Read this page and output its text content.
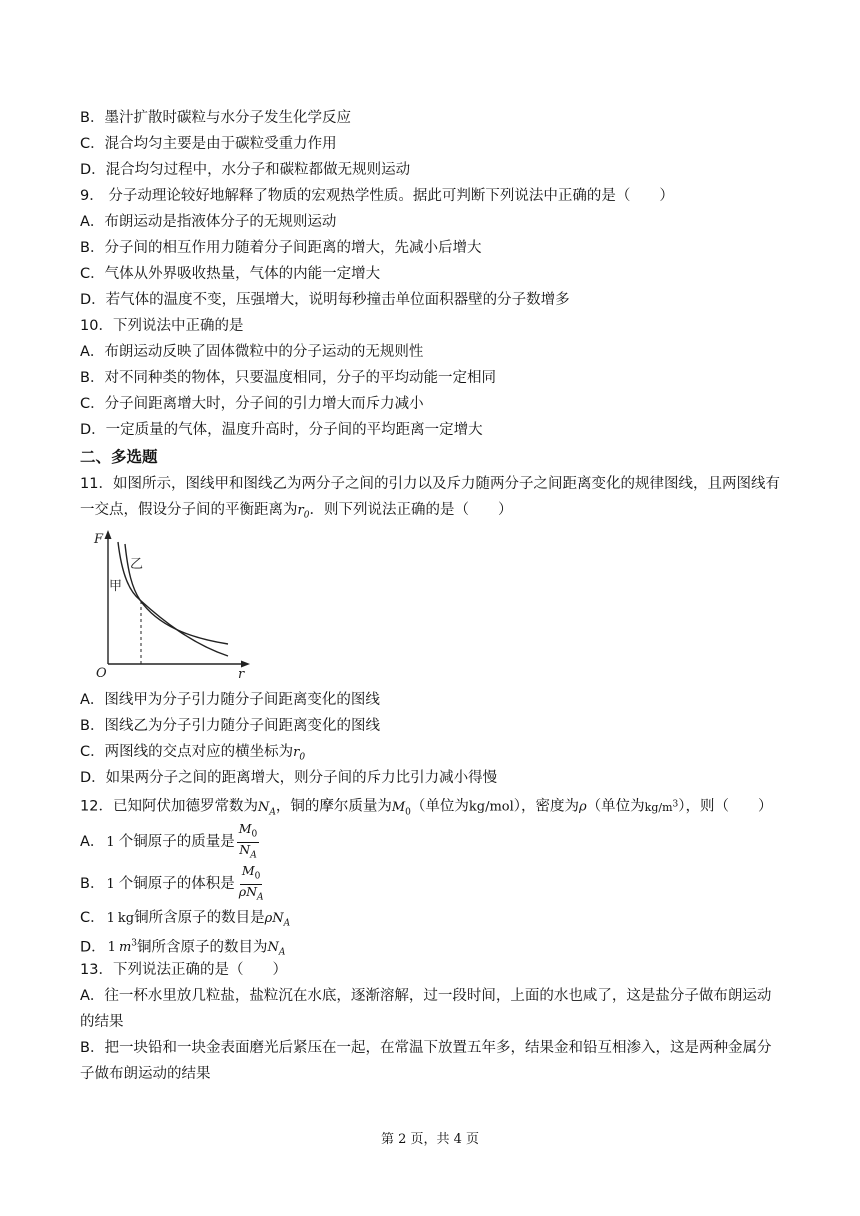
B．墨汁扩散时碳粒与水分子发生化学反应
C．混合均匀主要是由于碳粒受重力作用
D．混合均匀过程中，水分子和碳粒都做无规则运动
9． 分子动理论较好地解释了物质的宏观热学性质。据此可判断下列说法中正确的是（　　）
A．布朗运动是指液体分子的无规则运动
B．分子间的相互作用力随着分子间距离的增大，先减小后增大
C．气体从外界吸收热量，气体的内能一定增大
D．若气体的温度不变，压强增大，说明每秒撞击单位面积器壁的分子数增多
10．下列说法中正确的是
A．布朗运动反映了固体微粒中的分子运动的无规则性
B．对不同种类的物体，只要温度相同，分子的平均动能一定相同
C．分子间距离增大时，分子间的引力增大而斥力减小
D．一定质量的气体，温度升高时，分子间的平均距离一定增大
二、多选题
11．如图所示，图线甲和图线乙为两分子之间的引力以及斥力随两分子之间距离变化的规律图线，且两图线有
一交点，假设分子间的平衡距离为$r_0$．则下列说法正确的是（　　）
F
r
O
甲
乙
A．图线甲为分子引力随分子间距离变化的图线
B．图线乙为分子引力随分子间距离变化的图线
C．两图线的交点对应的横坐标为$r_0$
D．如果两分子之间的距离增大，则分子间的斥力比引力减小得慢
12．已知阿伏加德罗常数为$N_A$，铜的摩尔质量为$M_0$（单位为kg/mol），密度为ρ（单位为$kg/m^3$），则（　　）
A． 1 个铜原子的质量是 $\frac{M_0}{N_A}$
B． 1 个铜原子的体积是 $\frac{M_0}{\rho N_A}$
C． 1 kg铜所含原子的数目是$\rho N_A$
D． 1 $m^3$铜所含原子的数目为$N_A$
13．下列说法正确的是（　　）
A．往一杯水里放几粒盐，盐粒沉在水底，逐渐溶解，过一段时间，上面的水也咸了，这是盐分子做布朗运动
的结果
B．把一块铅和一块金表面磨光后紧压在一起，在常温下放置五年多，结果金和铅互相渗入，这是两种金属分
子做布朗运动的结果
第 2 页，共 4 页
